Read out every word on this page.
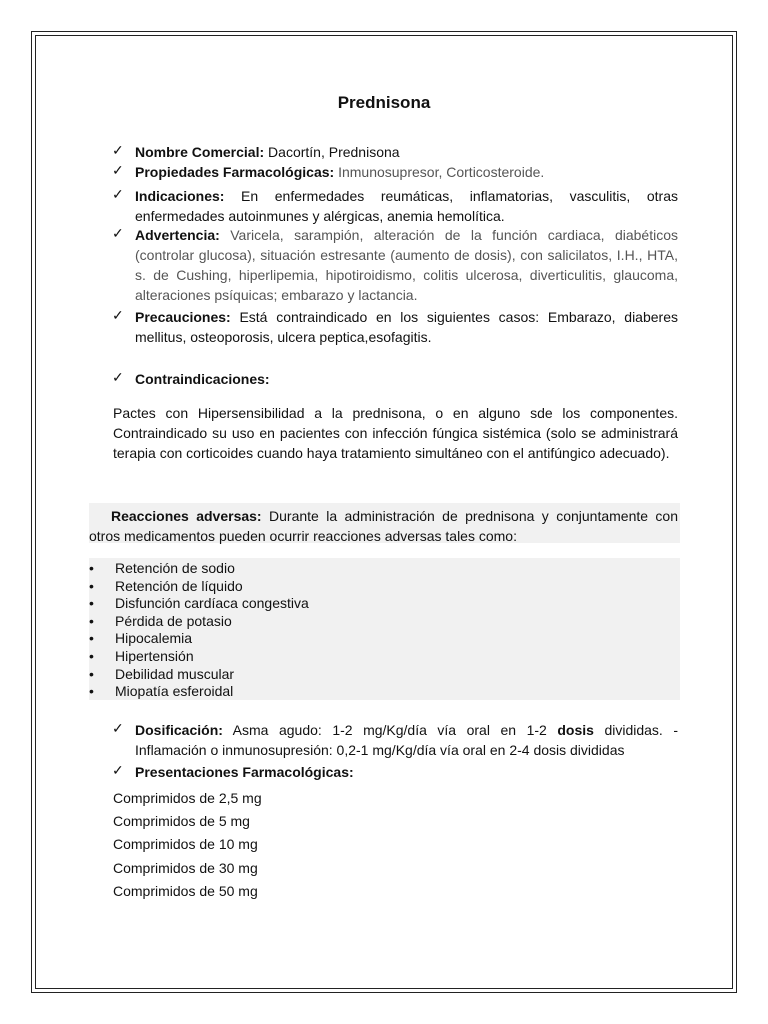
Prednisona
✓ Nombre Comercial: Dacortín, Prednisona
✓ Propiedades Farmacológicas: Inmunosupresor, Corticosteroide.
✓ Indicaciones: En enfermedades reumáticas, inflamatorias, vasculitis, otras enfermedades autoinmunes y alérgicas, anemia hemolítica.
✓ Advertencia: Varicela, sarampión, alteración de la función cardiaca, diabéticos (controlar glucosa), situación estresante (aumento de dosis), con salicilatos, I.H., HTA, s. de Cushing, hiperlipemia, hipotiroidismo, colitis ulcerosa, diverticulitis, glaucoma, alteraciones psíquicas; embarazo y lactancia.
✓ Precauciones: Está contraindicado en los siguientes casos: Embarazo, diaberes mellitus, osteoporosis, ulcera peptica,esofagitis.
✓ Contraindicaciones:
Pactes con Hipersensibilidad a la prednisona, o en alguno sde los componentes. Contraindicado su uso en pacientes con infección fúngica sistémica (solo se administrará terapia con corticoides cuando haya tratamiento simultáneo con el antifúngico adecuado).
Reacciones adversas: Durante la administración de prednisona y conjuntamente con otros medicamentos pueden ocurrir reacciones adversas tales como:
• Retención de sodio
• Retención de líquido
• Disfunción cardíaca congestiva
• Pérdida de potasio
• Hipocalemia
• Hipertensión
• Debilidad muscular
• Miopatía esferoidal
✓ Dosificación: Asma agudo: 1-2 mg/Kg/día vía oral en 1-2 dosis divididas. - Inflamación o inmunosupresión: 0,2-1 mg/Kg/día vía oral en 2-4 dosis divididas
✓ Presentaciones Farmacológicas:
Comprimidos de 2,5 mg
Comprimidos de 5 mg
Comprimidos de 10 mg
Comprimidos de 30 mg
Comprimidos de 50 mg
